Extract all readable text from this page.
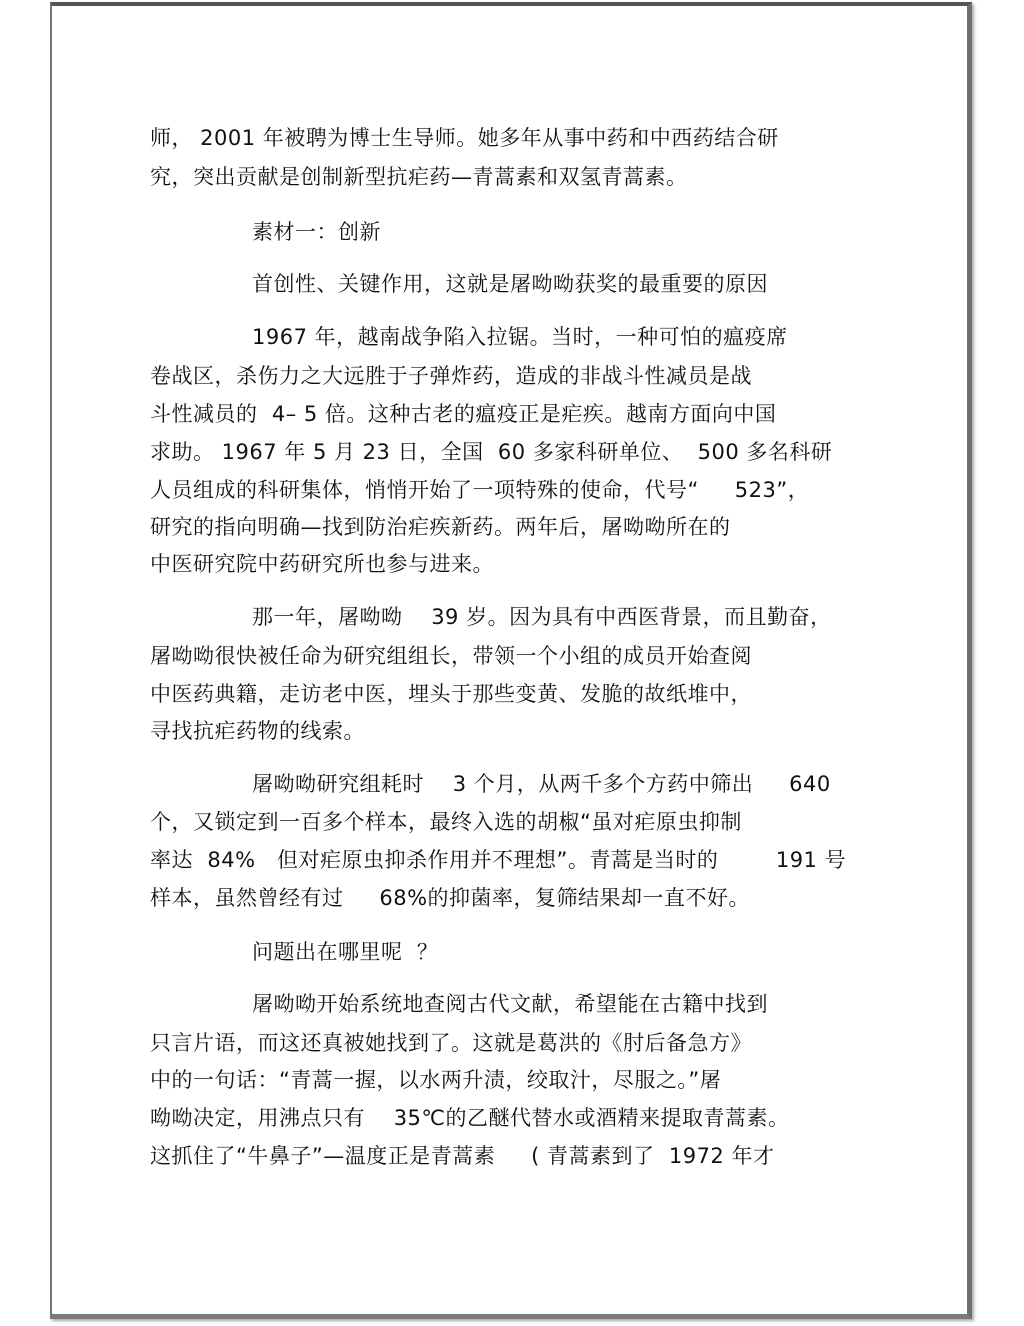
师， 2001 年被聘为博士生导师。她多年从事中药和中西药结合研
究，突出贡献是创制新型抗疟药—青蒿素和双氢青蒿素。
素材一：创新
首创性、关键作用，这就是屠呦呦获奖的最重要的原因
1967 年，越南战争陷入拉锯。当时，一种可怕的瘟疫席
卷战区，杀伤力之大远胜于子弹炸药，造成的非战斗性减员是战
斗性减员的  4– 5 倍。这种古老的瘟疫正是疟疾。越南方面向中国
求助。 1967 年 5 月 23 日，全国  60 多家科研单位、  500 多名科研
人员组成的科研集体，悄悄开始了一项特殊的使命，代号“     523”，
研究的指向明确—找到防治疟疾新药。两年后，屠呦呦所在的
中医研究院中药研究所也参与进来。
那一年，屠呦呦    39 岁。因为具有中西医背景，而且勤奋，
屠呦呦很快被任命为研究组组长，带领一个小组的成员开始查阅
中医药典籍，走访老中医，埋头于那些变黄、发脆的故纸堆中，
寻找抗疟药物的线索。
屠呦呦研究组耗时    3 个月，从两千多个方药中筛出     640
个，又锁定到一百多个样本，最终入选的胡椒“虽对疟原虫抑制
率达  84%   但对疟原虫抑杀作用并不理想”。青蒿是当时的        191 号
样本，虽然曾经有过     68%的抑菌率，复筛结果却一直不好。
问题出在哪里呢  ？
屠呦呦开始系统地查阅古代文献，希望能在古籍中找到
只言片语，而这还真被她找到了。这就是葛洪的《肘后备急方》
中的一句话：“青蒿一握，以水两升渍，绞取汁，尽服之。”屠
呦呦决定，用沸点只有    35℃的乙醚代替水或酒精来提取青蒿素。
这抓住了“牛鼻子”—温度正是青蒿素     ( 青蒿素到了  1972 年才
